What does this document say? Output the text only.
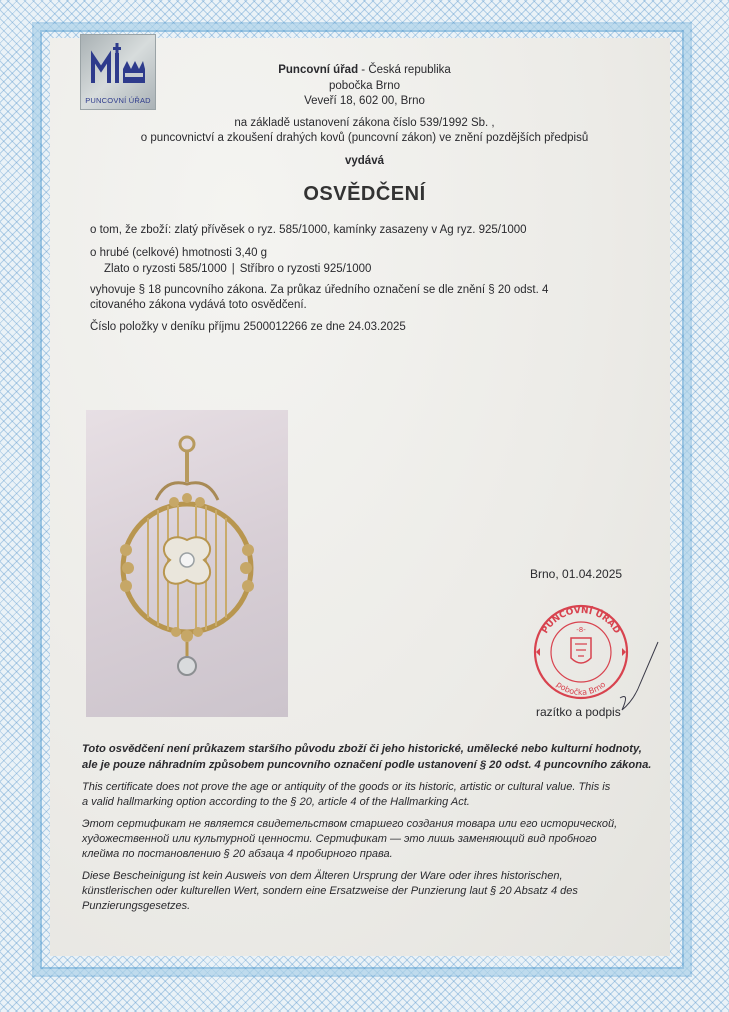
PUNCOVNÍ ÚŘAD
Puncovní úřad - Česká republika
pobočka Brno
Veveří 18, 602 00, Brno
na základě ustanovení zákona číslo 539/1992 Sb. ,
o puncovnictví a zkoušení drahých kovů (puncovní zákon) ve znění pozdějších předpisů
vydává
OSVĚDČENÍ
o tom, že zboží: zlatý přívěsek o ryz. 585/1000, kamínky zasazeny v Ag ryz. 925/1000
o hrubé (celkové) hmotnosti 3,40 g
Zlato o ryzosti 585/1000 | Stříbro o ryzosti 925/1000
vyhovuje § 18 puncovního zákona. Za průkaz úředního označení se dle znění § 20 odst. 4
citovaného zákona vydává toto osvědčení.
Číslo položky v deníku příjmu 2500012266 ze dne 24.03.2025
Brno, 01.04.2025
PUNCOVNÍ ÚŘAD
pobočka Brno
-8-
razítko a podpis
Toto osvědčení není průkazem staršího původu zboží či jeho historické, umělecké nebo kulturní hodnoty,
ale je pouze náhradním způsobem puncovního označení podle ustanovení § 20 odst. 4 puncovního zákona.
This certificate does not prove the age or antiquity of the goods or its historic, artistic or cultural value. This is
a valid hallmarking option according to the § 20, article 4 of the Hallmarking Act.
Этот сертификат не является свидетельством старшего создания товара или его исторической,
художественной или культурной ценности. Сертификат — это лишь заменяющий вид пробного
клейма по постановлению § 20 абзаца 4 пробирного права.
Diese Bescheinigung ist kein Ausweis von dem Älteren Ursprung der Ware oder ihres historischen,
künstlerischen oder kulturellen Wert, sondern eine Ersatzweise der Punzierung laut § 20 Absatz 4 des
Punzierungsgesetzes.
